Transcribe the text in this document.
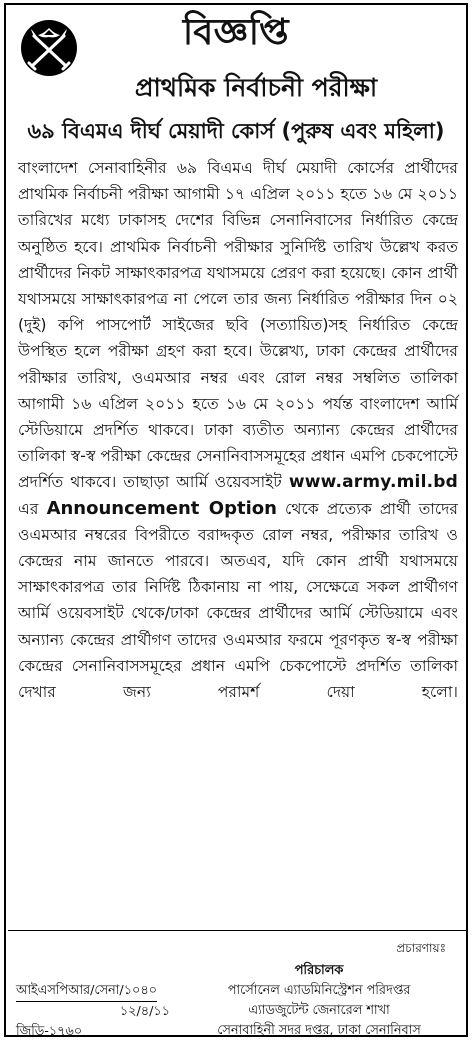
বিজ্ঞপ্তি
প্রাথমিক নির্বাচনী পরীক্ষা
৬৯ বিএমএ দীর্ঘ মেয়াদী কোর্স (পুরুষ এবং মহিলা)
বাংলাদেশ সেনাবাহিনীর ৬৯ বিএমএ দীর্ঘ মেয়াদী কোর্সের প্রার্থীদের প্রাথমিক নির্বাচনী পরীক্ষা আগামী ১৭ এপ্রিল ২০১১ হতে ১৬ মে ২০১১ তারিখের মধ্যে ঢাকাসহ দেশের বিভিন্ন সেনানিবাসের নির্ধারিত কেন্দ্রে অনুষ্ঠিত হবে। প্রাথমিক নির্বাচনী পরীক্ষার সুনির্দিষ্ট তারিখ উল্লেখ করত প্রার্থীদের নিকট সাক্ষাৎকারপত্র যথাসময়ে প্রেরণ করা হয়েছে। কোন প্রার্থী যথাসময়ে সাক্ষাৎকারপত্র না পেলে তার জন্য নির্ধারিত পরীক্ষার দিন ০২ (দুই) কপি পাসপোর্ট সাইজের ছবি (সত্যায়িত)সহ নির্ধারিত কেন্দ্রে উপস্থিত হলে পরীক্ষা গ্রহণ করা হবে। উল্লেখ্য, ঢাকা কেন্দ্রের প্রার্থীদের পরীক্ষার তারিখ, ওএমআর নম্বর এবং রোল নম্বর সম্বলিত তালিকা আগামী ১৬ এপ্রিল ২০১১ হতে ১৬ মে ২০১১ পর্যন্ত বাংলাদেশ আর্মি স্টেডিয়ামে প্রদর্শিত থাকবে। ঢাকা ব্যতীত অন্যান্য কেন্দ্রের প্রার্থীদের তালিকা স্ব-স্ব পরীক্ষা কেন্দ্রের সেনানিবাসসমূহের প্রধান এমপি চেকপোস্টে প্রদর্শিত থাকবে। তাছাড়া আর্মি ওয়েবসাইট www.army.mil.bd এর Announcement Option থেকে প্রত্যেক প্রার্থী তাদের ওএমআর নম্বরের বিপরীতে বরাদ্দকৃত রোল নম্বর, পরীক্ষার তারিখ ও কেন্দ্রের নাম জানতে পারবে। অতএব, যদি কোন প্রার্থী যথাসময়ে সাক্ষাৎকারপত্র তার নির্দিষ্ট ঠিকানায় না পায়, সেক্ষেত্রে সকল প্রার্থীগণ আর্মি ওয়েবসাইট থেকে/ঢাকা কেন্দ্রের প্রার্থীদের আর্মি স্টেডিয়ামে এবং অন্যান্য কেন্দ্রের প্রার্থীগণ তাদের ওএমআর ফরমে পূরণকৃত স্ব-স্ব পরীক্ষা কেন্দ্রের সেনানিবাসসমূহের প্রধান এমপি চেকপোস্টে প্রদর্শিত তালিকা দেখার জন্য পরামর্শ দেয়া হলো।
প্রচারণায়ঃ
পরিচালক
পার্সোনেল এ্যাডমিনিস্ট্রেশন পরিদপ্তর
এ্যাডজুটেন্ট জেনারেল শাখা
সেনাবাহিনী সদর দপ্তর, ঢাকা সেনানিবাস
আইএসপিআর/সেনা/১০৪০
১২/৪/১১
জিডি-১৭৬০
